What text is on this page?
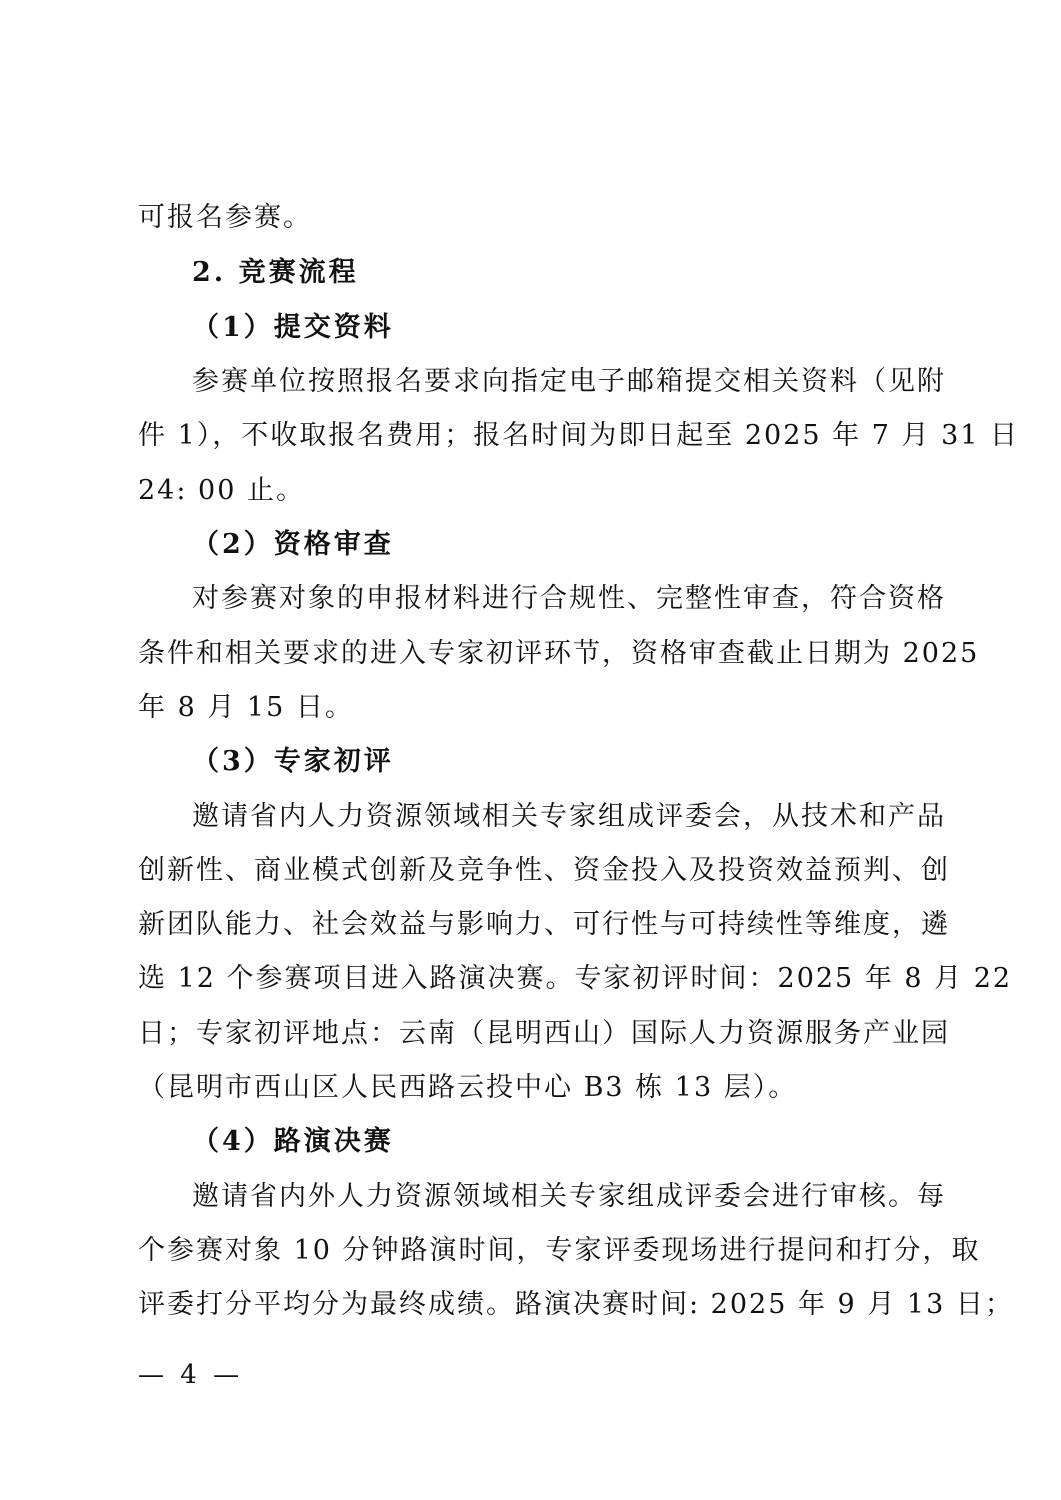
可报名参赛。
2. 竞赛流程
（1）提交资料
参赛单位按照报名要求向指定电子邮箱提交相关资料（见附
件 1），不收取报名费用；报名时间为即日起至 2025 年 7 月 31 日
24: 00 止。
（2）资格审查
对参赛对象的申报材料进行合规性、完整性审查，符合资格
条件和相关要求的进入专家初评环节，资格审查截止日期为 2025
年 8 月 15 日。
（3）专家初评
邀请省内人力资源领域相关专家组成评委会，从技术和产品
创新性、商业模式创新及竞争性、资金投入及投资效益预判、创
新团队能力、社会效益与影响力、可行性与可持续性等维度，遴
选 12 个参赛项目进入路演决赛。专家初评时间：2025 年 8 月 22
日；专家初评地点：云南（昆明西山）国际人力资源服务产业园
（昆明市西山区人民西路云投中心 B3 栋 13 层）。
（4）路演决赛
邀请省内外人力资源领域相关专家组成评委会进行审核。每
个参赛对象 10 分钟路演时间，专家评委现场进行提问和打分，取
评委打分平均分为最终成绩。路演决赛时间: 2025 年 9 月 13 日；
— 4 —
